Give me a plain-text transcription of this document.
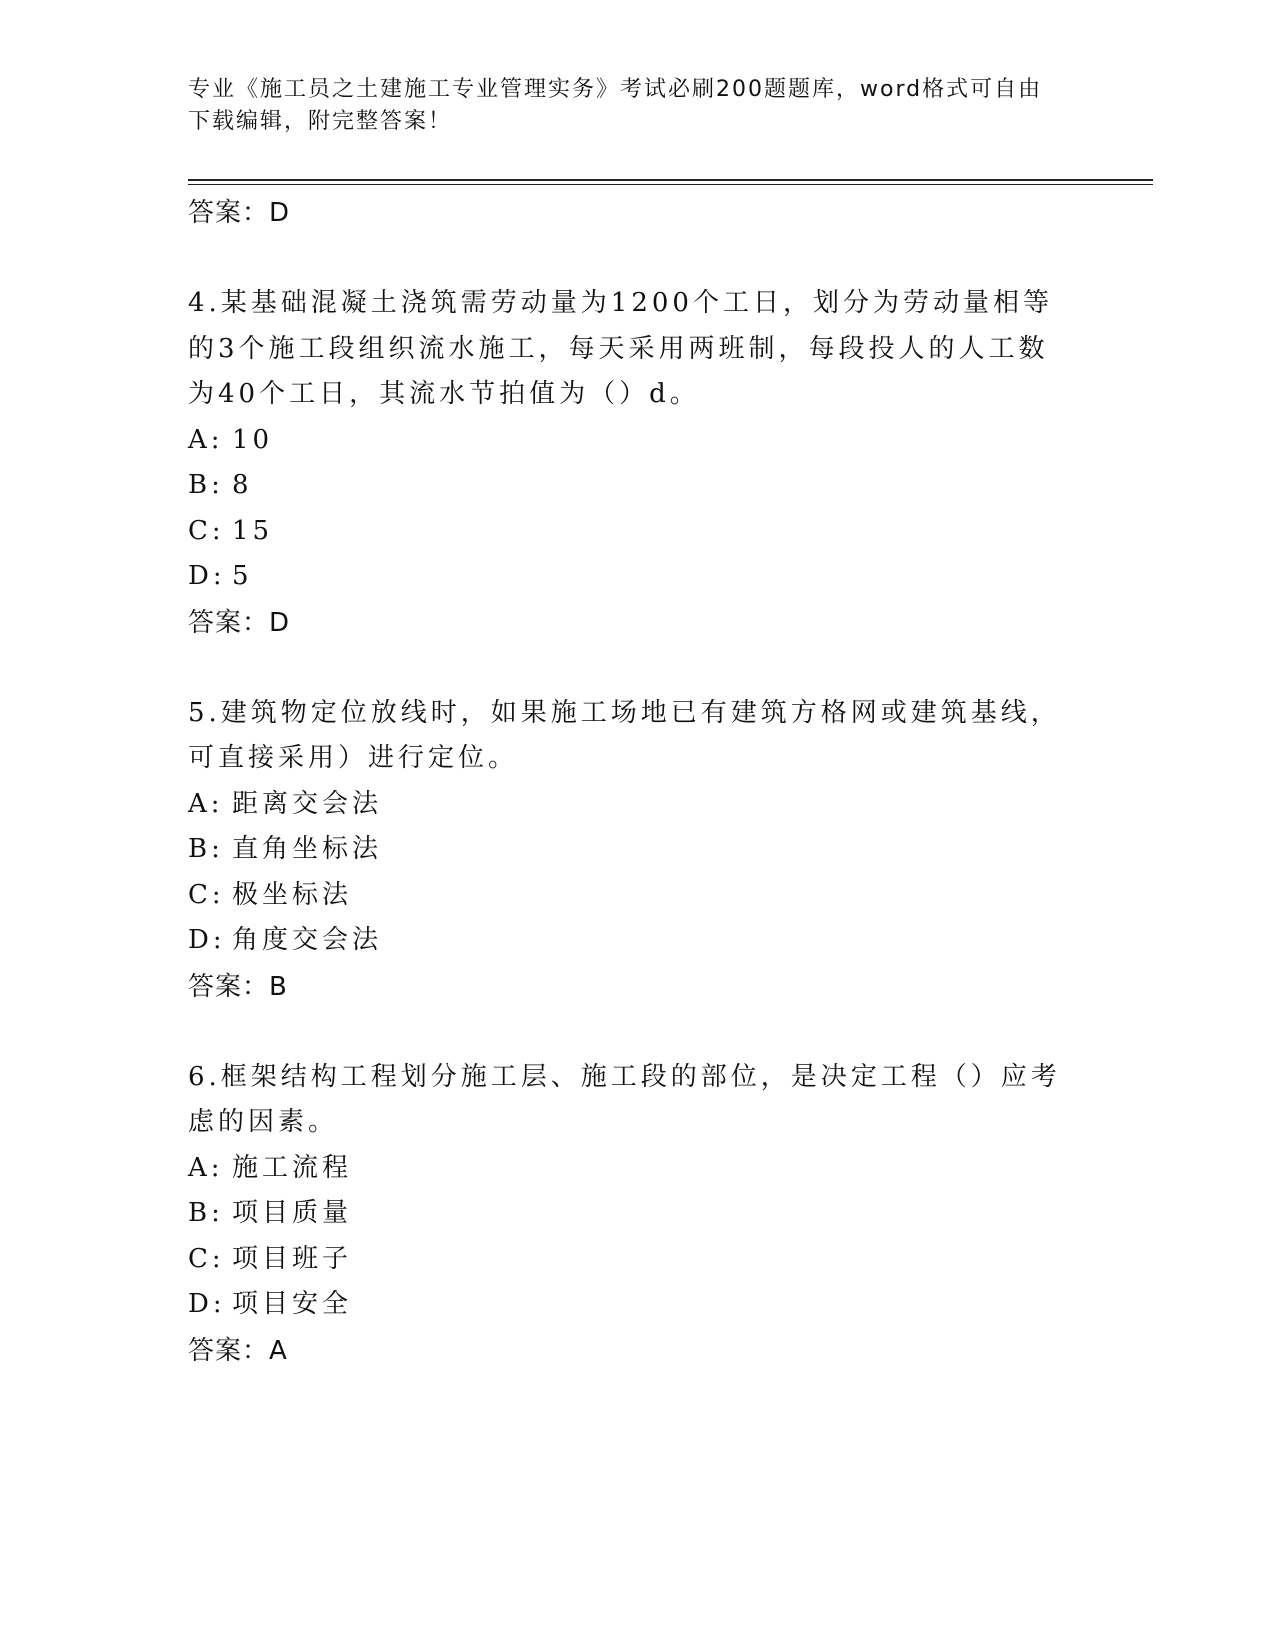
专业《施工员之土建施工专业管理实务》考试必刷200题题库，word格式可自由
下载编辑，附完整答案！
答案：D
4.某基础混凝土浇筑需劳动量为1200个工日，划分为劳动量相等的3个施工段组织流水施工，每天采用两班制，每段投人的人工数为40个工日，其流水节拍值为（）d。
A: 10
B: 8
C: 15
D: 5
答案：D
5.建筑物定位放线时，如果施工场地已有建筑方格网或建筑基线，可直接采用）进行定位。
A: 距离交会法
B: 直角坐标法
C: 极坐标法
D: 角度交会法
答案：B
6.框架结构工程划分施工层、施工段的部位，是决定工程（）应考虑的因素。
A: 施工流程
B: 项目质量
C: 项目班子
D: 项目安全
答案：A
